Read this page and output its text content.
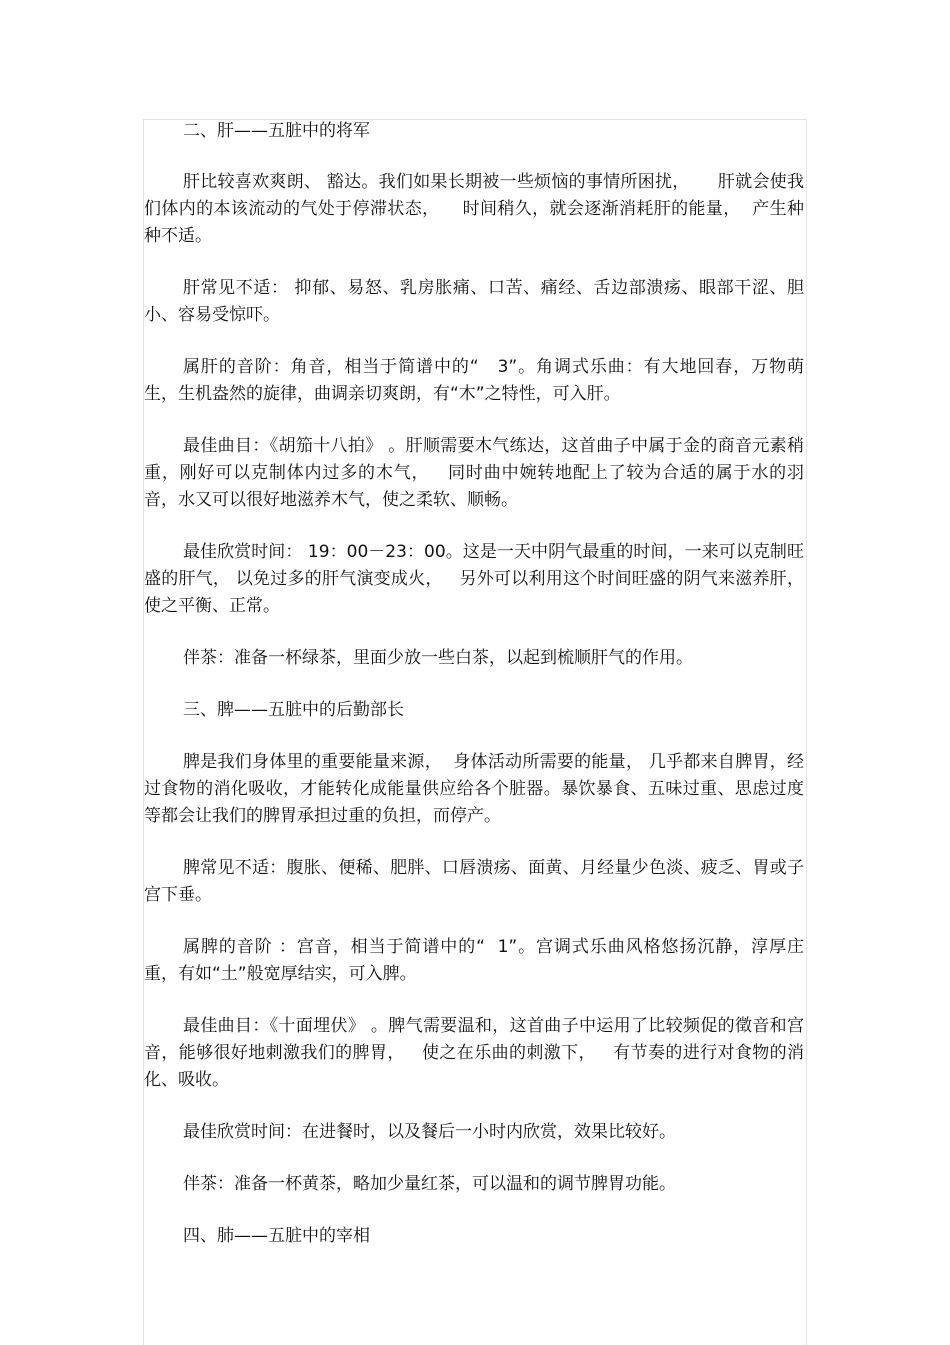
二、肝——五脏中的将军

肝比较喜欢爽朗、 豁达。我们如果长期被一些烦恼的事情所困扰，     肝就会使我们体内的本该流动的气处于停滞状态，    时间稍久，就会逐渐消耗肝的能量，  产生种种不适。

肝常见不适： 抑郁、易怒、乳房胀痛、口苦、痛经、舌边部溃疡、眼部干涩、胆小、容易受惊吓。

属肝的音阶：角音，相当于简谱中的“   3”。角调式乐曲：有大地回春，万物萌生，生机盎然的旋律，曲调亲切爽朗，有“木”之特性，可入肝。

最佳曲目：《胡笳十八拍》 。肝顺需要木气练达，这首曲子中属于金的商音元素稍重，刚好可以克制体内过多的木气，   同时曲中婉转地配上了较为合适的属于水的羽音，水又可以很好地滋养木气，使之柔软、顺畅。

最佳欣赏时间： 19：00－23：00。这是一天中阴气最重的时间，一来可以克制旺盛的肝气， 以免过多的肝气演变成火，   另外可以利用这个时间旺盛的阴气来滋养肝，使之平衡、正常。

伴茶：准备一杯绿茶，里面少放一些白茶，以起到梳顺肝气的作用。

三、脾——五脏中的后勤部长

脾是我们身体里的重要能量来源，  身体活动所需要的能量， 几乎都来自脾胃，经过食物的消化吸收，才能转化成能量供应给各个脏器。暴饮暴食、五味过重、思虑过度等都会让我们的脾胃承担过重的负担，而停产。

脾常见不适：腹胀、便稀、肥胖、口唇溃疡、面黄、月经量少色淡、疲乏、胃或子宫下垂。

属脾的音阶 ：宫音，相当于简谱中的“  1”。宫调式乐曲风格悠扬沉静，淳厚庄重，有如“土”般宽厚结实，可入脾。

最佳曲目：《十面埋伏》 。脾气需要温和，这首曲子中运用了比较频促的徵音和宫音，能够很好地刺激我们的脾胃，   使之在乐曲的刺激下，   有节奏的进行对食物的消化、吸收。

最佳欣赏时间：在进餐时，以及餐后一小时内欣赏，效果比较好。

伴茶：准备一杯黄茶，略加少量红茶，可以温和的调节脾胃功能。

四、肺——五脏中的宰相
